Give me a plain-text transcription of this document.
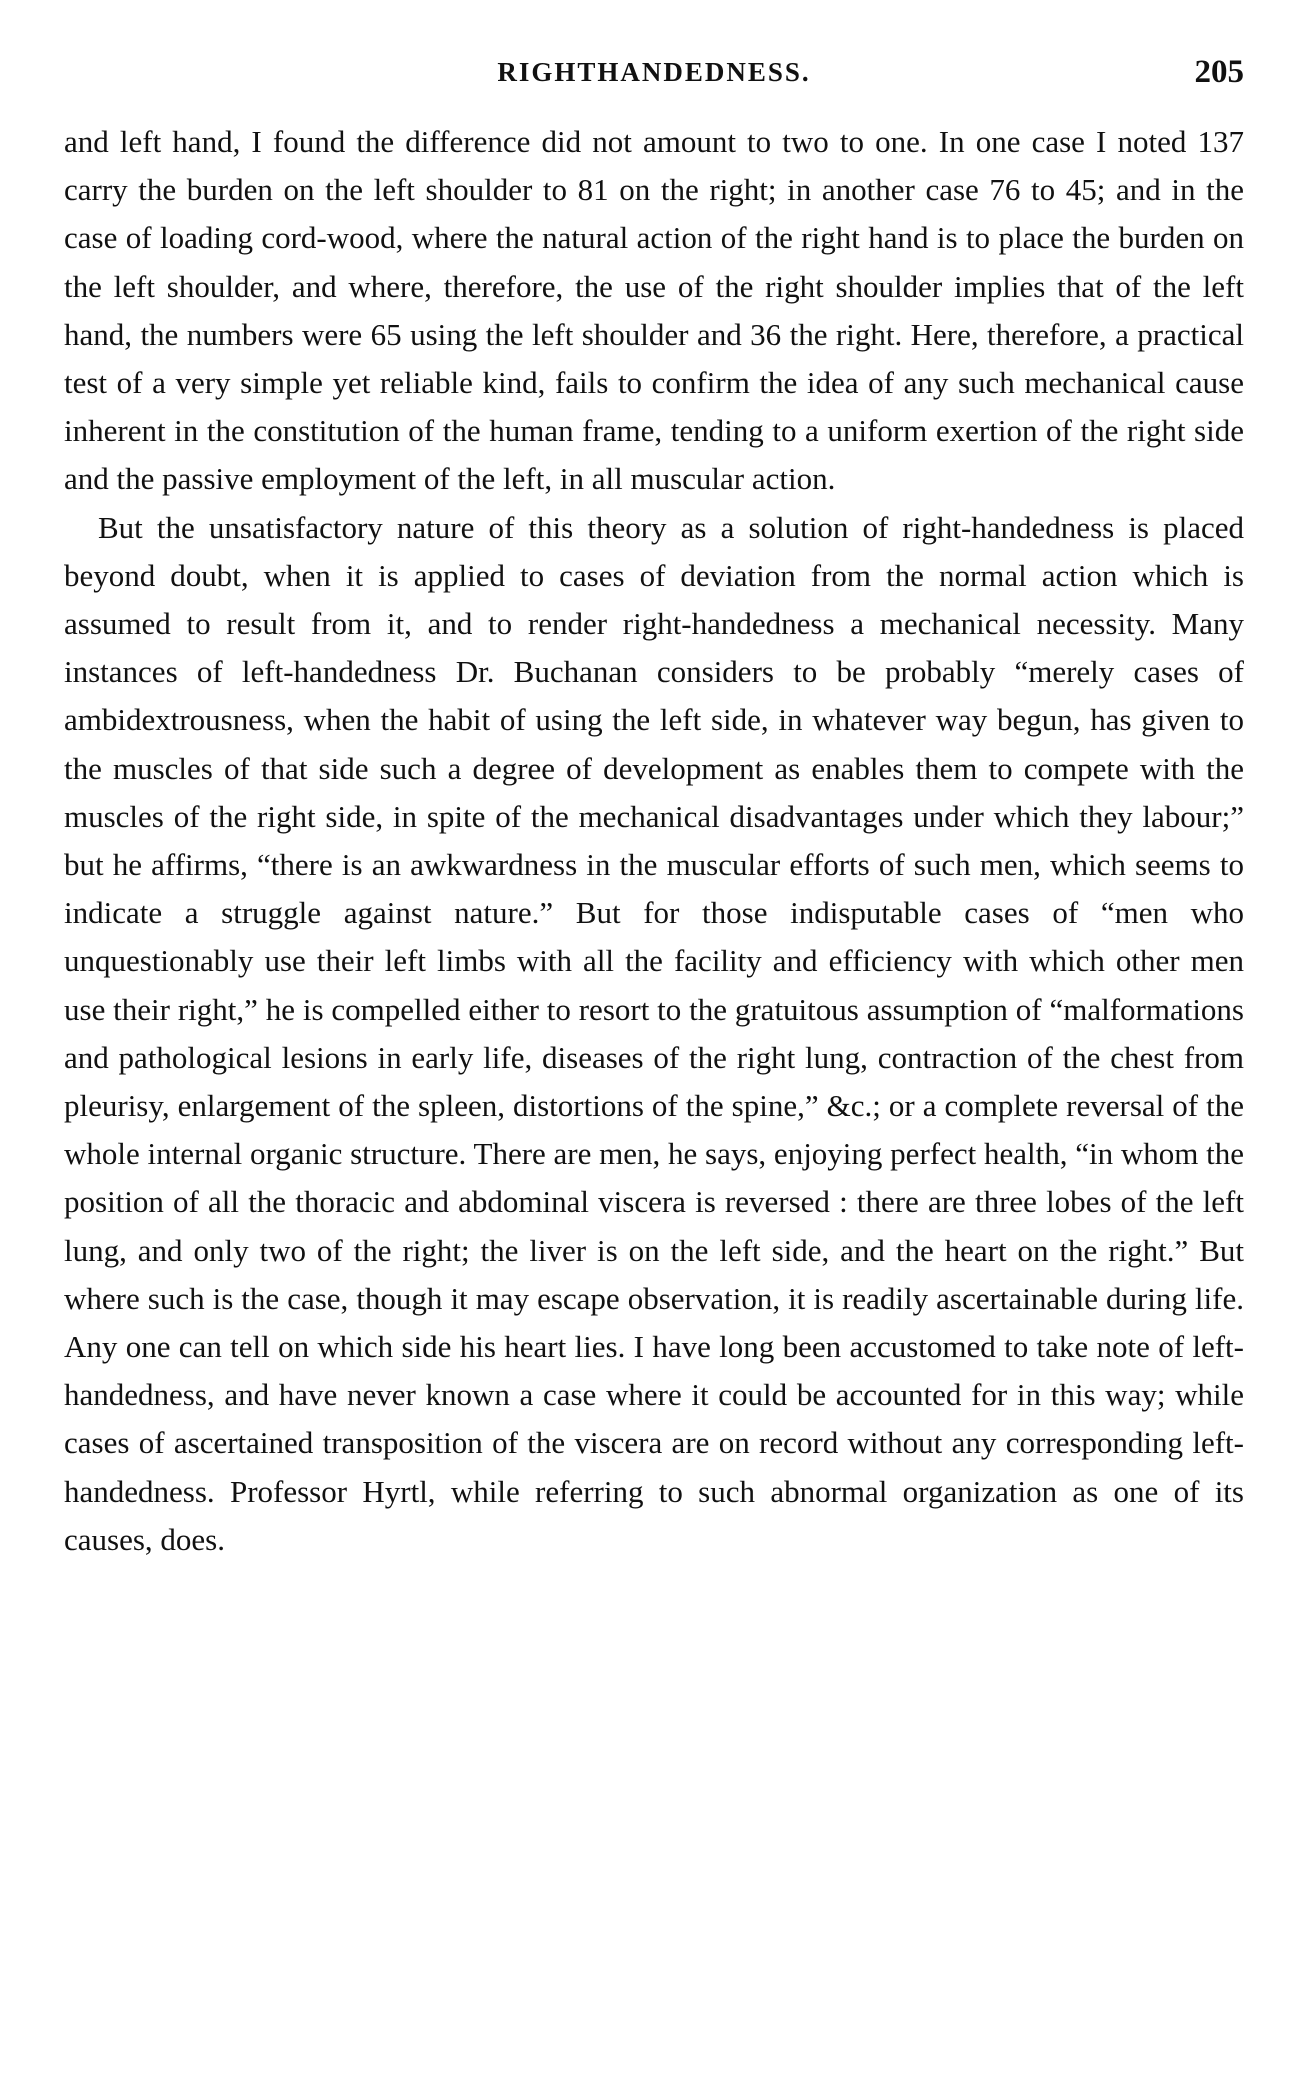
RIGHTHANDEDNESS.	205

and left hand, I found the difference did not amount to two to one. In one case I noted 137 carry the burden on the left shoulder to 81 on the right; in another case 76 to 45; and in the case of loading cord-wood, where the natural action of the right hand is to place the burden on the left shoulder, and where, therefore, the use of the right shoulder implies that of the left hand, the numbers were 65 using the left shoulder and 36 the right. Here, therefore, a practical test of a very simple yet reliable kind, fails to confirm the idea of any such mechanical cause inherent in the constitution of the human frame, tending to a uniform exertion of the right side and the passive employment of the left, in all muscular action.

But the unsatisfactory nature of this theory as a solution of right-handedness is placed beyond doubt, when it is applied to cases of deviation from the normal action which is assumed to result from it, and to render right-handedness a mechanical necessity. Many instances of left-handedness Dr. Buchanan considers to be probably “merely cases of ambidextrousness, when the habit of using the left side, in whatever way begun, has given to the muscles of that side such a degree of development as enables them to compete with the muscles of the right side, in spite of the mechanical disadvantages under which they labour;” but he affirms, “there is an awkwardness in the muscular efforts of such men, which seems to indicate a struggle against nature.” But for those indisputable cases of “men who unquestionably use their left limbs with all the facility and efficiency with which other men use their right,” he is compelled either to resort to the gratuitous assumption of “malformations and pathological lesions in early life, diseases of the right lung, contraction of the chest from pleurisy, enlargement of the spleen, distortions of the spine,” &c.; or a complete reversal of the whole internal organic structure. There are men, he says, enjoying perfect health, “in whom the position of all the thoracic and abdominal viscera is reversed : there are three lobes of the left lung, and only two of the right; the liver is on the left side, and the heart on the right.” But where such is the case, though it may escape observation, it is readily ascertainable during life. Any one can tell on which side his heart lies. I have long been accustomed to take note of left-handedness, and have never known a case where it could be accounted for in this way; while cases of ascertained transposition of the viscera are on record without any corresponding left-handedness. Professor Hyrtl, while referring to such abnormal organization as one of its causes, does.
